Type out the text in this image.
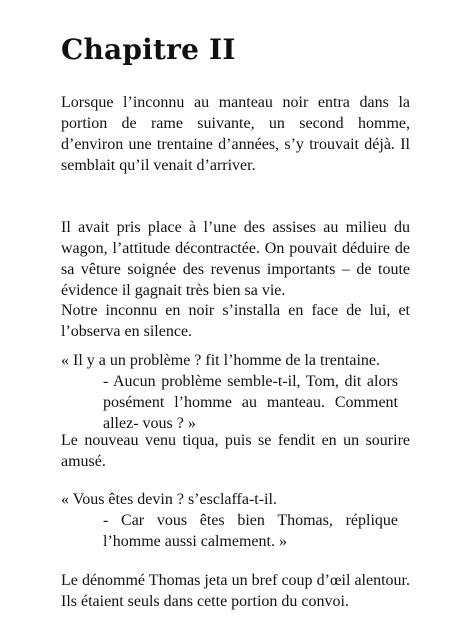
Chapitre II

Lorsque l’inconnu au manteau noir entra dans la
portion de rame suivante, un second homme,
d’environ une trentaine d’années, s’y trouvait déjà. Il
semblait qu’il venait d’arriver.

Il avait pris place à l’une des assises au milieu du
wagon, l’attitude décontractée. On pouvait déduire de
sa vêture soignée des revenus importants – de toute
évidence il gagnait très bien sa vie.

Notre inconnu en noir s’installa en face de lui, et
l’observa en silence.

« Il y a un problème ? fit l’homme de la trentaine.

- Aucun problème semble-t-il, Tom, dit alors
posément l’homme au manteau. Comment
allez- vous ? »

Le nouveau venu tiqua, puis se fendit en un sourire
amusé.

« Vous êtes devin ? s’esclaffa-t-il.

- Car vous êtes bien Thomas, réplique
l’homme aussi calmement. »

Le dénommé Thomas jeta un bref coup d’œil alentour.
Ils étaient seuls dans cette portion du convoi.
